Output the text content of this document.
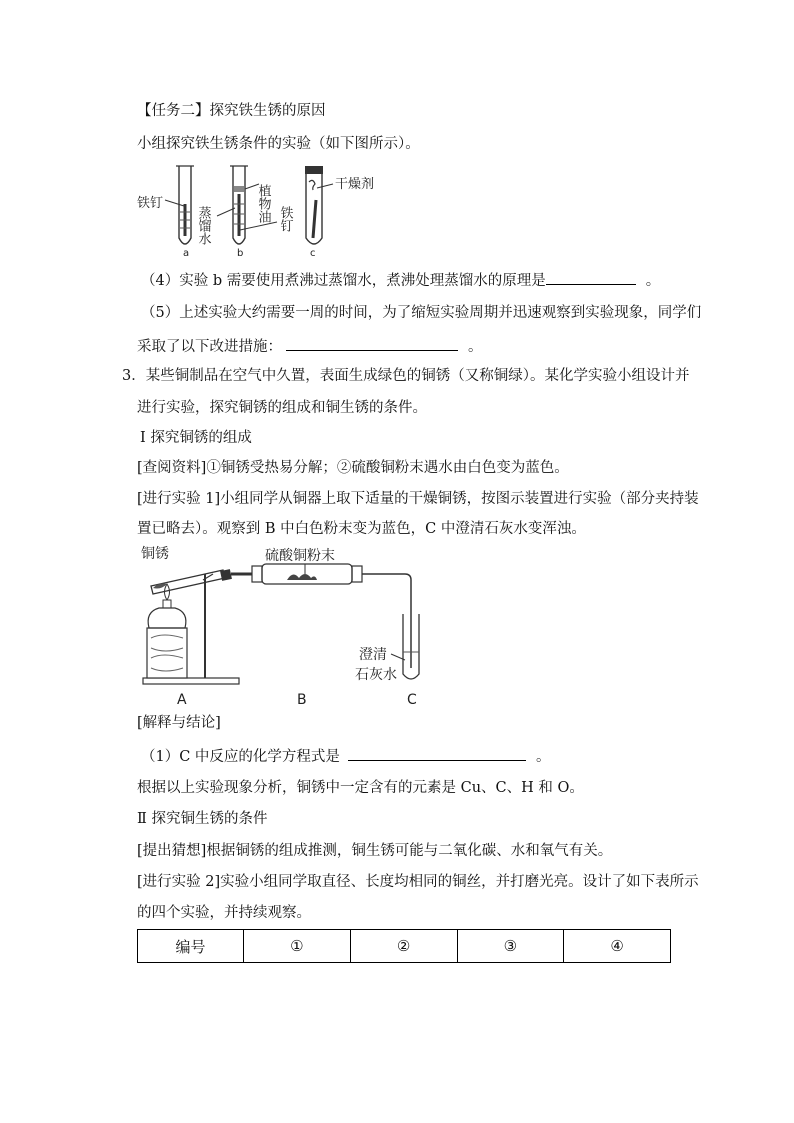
【任务二】探究铁生锈的原因
小组探究铁生锈条件的实验（如下图所示）。
铁钉
蒸馏水
植物油 铁钉
干燥剂
a	b	c
（4）实验 b 需要使用煮沸过蒸馏水，煮沸处理蒸馏水的原理是	。
（5）上述实验大约需要一周的时间，为了缩短实验周期并迅速观察到实验现象，同学们
采取了以下改进措施：	。
3．某些铜制品在空气中久置，表面生成绿色的铜锈（又称铜绿）。某化学实验小组设计并
进行实验，探究铜锈的组成和铜生锈的条件。
Ⅰ 探究铜锈的组成
[查阅资料]①铜锈受热易分解；②硫酸铜粉末遇水由白色变为蓝色。
[进行实验 1]小组同学从铜器上取下适量的干燥铜锈，按图示装置进行实验（部分夹持装
置已略去）。观察到 B 中白色粉末变为蓝色，C 中澄清石灰水变浑浊。
铜锈	硫酸铜粉末
澄清
石灰水
A	B	C
[解释与结论]
（1）C 中反应的化学方程式是	。
根据以上实验现象分析，铜锈中一定含有的元素是 Cu、C、H 和 O。
Ⅱ 探究铜生锈的条件
[提出猜想]根据铜锈的组成推测，铜生锈可能与二氧化碳、水和氧气有关。
[进行实验 2]实验小组同学取直径、长度均相同的铜丝，并打磨光亮。设计了如下表所示
的四个实验，并持续观察。
编号	①	②	③	④
